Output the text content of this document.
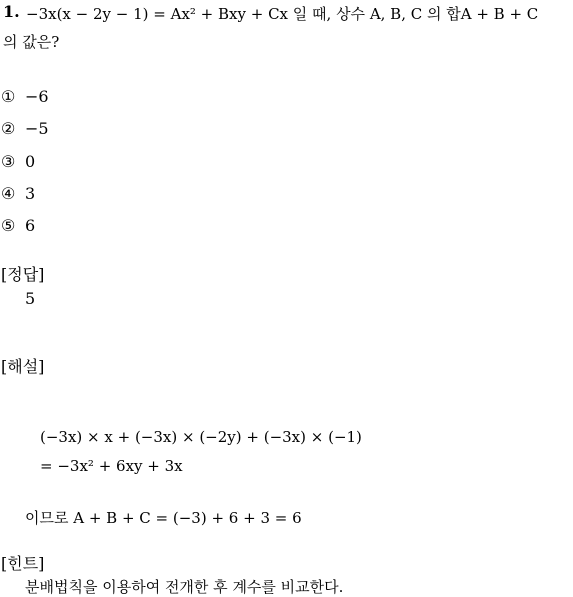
1. −3x(x − 2y − 1) = Ax² + Bxy + Cx 일 때, 상수 A, B, C 의 합A + B + C
의 값은?
① −6
② −5
③ 0
④ 3
⑤ 6
[정답]
5
[해설]
(−3x) × x + (−3x) × (−2y) + (−3x) × (−1)
= −3x² + 6xy + 3x
이므로 A + B + C = (−3) + 6 + 3 = 6
[힌트]
분배법칙을 이용하여 전개한 후 계수를 비교한다.
